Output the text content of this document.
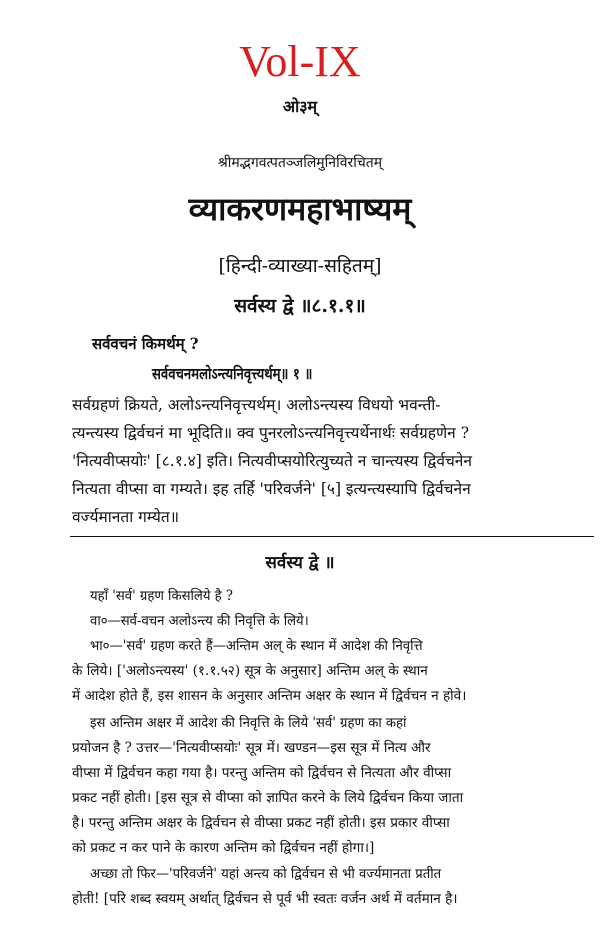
Vol-IX
ओ३म्
श्रीमद्भगवत्पतञ्जलिमुनिविरचितम्
व्याकरणमहाभाष्यम्
[हिन्दी-व्याख्या-सहितम्]
सर्वस्य द्वे ॥८.१.१॥
सर्ववचनं किमर्थम् ?
सर्ववचनमलोऽन्त्यनिवृत्त्यर्थम्॥ १ ॥
सर्वग्रहणं क्रियते, अलोऽन्त्यनिवृत्त्यर्थम्। अलोऽन्त्यस्य विधयो भवन्ती-
त्यन्त्यस्य द्विर्वचनं मा भूदिति॥ क्व पुनरलोऽन्त्यनिवृत्त्यर्थेनार्थः सर्वग्रहणेन ?
'नित्यवीप्सयोः' [८.१.४] इति। नित्यवीप्सयोरित्युच्यते न चान्त्यस्य द्विर्वचनेन
नित्यता वीप्सा वा गम्यते। इह तर्हि 'परिवर्जने' [५] इत्यन्त्यस्यापि द्विर्वचनेन
वर्ज्यमानता गम्येत॥
सर्वस्य द्वे ॥
यहाँ 'सर्व' ग्रहण किसलिये है ?
वा०—सर्व-वचन अलोऽन्त्य की निवृत्ति के लिये।
भा०—'सर्व' ग्रहण करते हैं—अन्तिम अल् के स्थान में आदेश की निवृत्ति
के लिये। ['अलोऽन्त्यस्य' (१.१.५२) सूत्र के अनुसार] अन्तिम अल् के स्थान
में आदेश होते हैं, इस शासन के अनुसार अन्तिम अक्षर के स्थान में द्विर्वचन न होवे।
इस अन्तिम अक्षर में आदेश की निवृत्ति के लिये 'सर्व' ग्रहण का कहां
प्रयोजन है ? उत्तर—'नित्यवीप्सयोः' सूत्र में। खण्डन—इस सूत्र में नित्य और
वीप्सा में द्विर्वचन कहा गया है। परन्तु अन्तिम को द्विर्वचन से नित्यता और वीप्सा
प्रकट नहीं होती। [इस सूत्र से वीप्सा को ज्ञापित करने के लिये द्विर्वचन किया जाता
है। परन्तु अन्तिम अक्षर के द्विर्वचन से वीप्सा प्रकट नहीं होती। इस प्रकार वीप्सा
को प्रकट न कर पाने के कारण अन्तिम को द्विर्वचन नहीं होगा।]
अच्छा तो फिर—'परिवर्जने' यहां अन्त्य को द्विर्वचन से भी वर्ज्यमानता प्रतीत
होती! [परि शब्द स्वयम् अर्थात् द्विर्वचन से पूर्व भी स्वतः वर्जन अर्थ में वर्तमान है।
